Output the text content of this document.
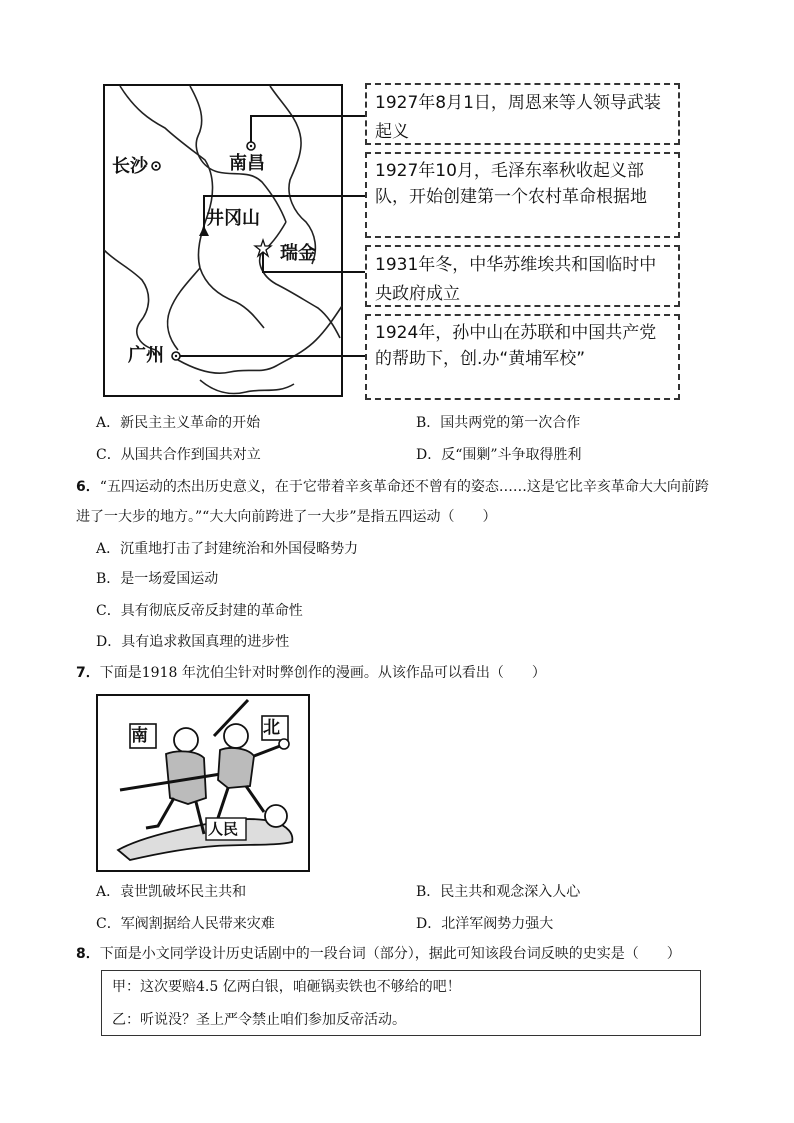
长沙	南昌
井冈山
瑞金
广州
1927年8月1日，周恩来等人领导武装起义
1927年10月，毛泽东率秋收起义部队，开始创建第一个农村革命根据地
1931年冬，中华苏维埃共和国临时中央政府成立
1924年，孙中山在苏联和中国共产党的帮助下，创.办“黄埔军校”
A．新民主主义革命的开始	B．国共两党的第一次合作
C．从国共合作到国共对立	D．反“围剿”斗争取得胜利
6．“五四运动的杰出历史意义，在于它带着辛亥革命还不曾有的姿态……这是它比辛亥革命大大向前跨
进了一大步的地方。”“大大向前跨进了一大步”是指五四运动（　　）
A．沉重地打击了封建统治和外国侵略势力
B．是一场爱国运动
C．具有彻底反帝反封建的革命性
D．具有追求救国真理的进步性
7．下面是1918 年沈伯尘针对时弊创作的漫画。从该作品可以看出（　　）
南	北
人民
A．袁世凯破坏民主共和	B．民主共和观念深入人心
C．军阀割据给人民带来灾难	D．北洋军阀势力强大
8．下面是小文同学设计历史话剧中的一段台词（部分），据此可知该段台词反映的史实是（　　）
甲：这次要赔4.5 亿两白银，咱砸锅卖铁也不够给的吧！
乙：听说没？圣上严令禁止咱们参加反帝活动。
